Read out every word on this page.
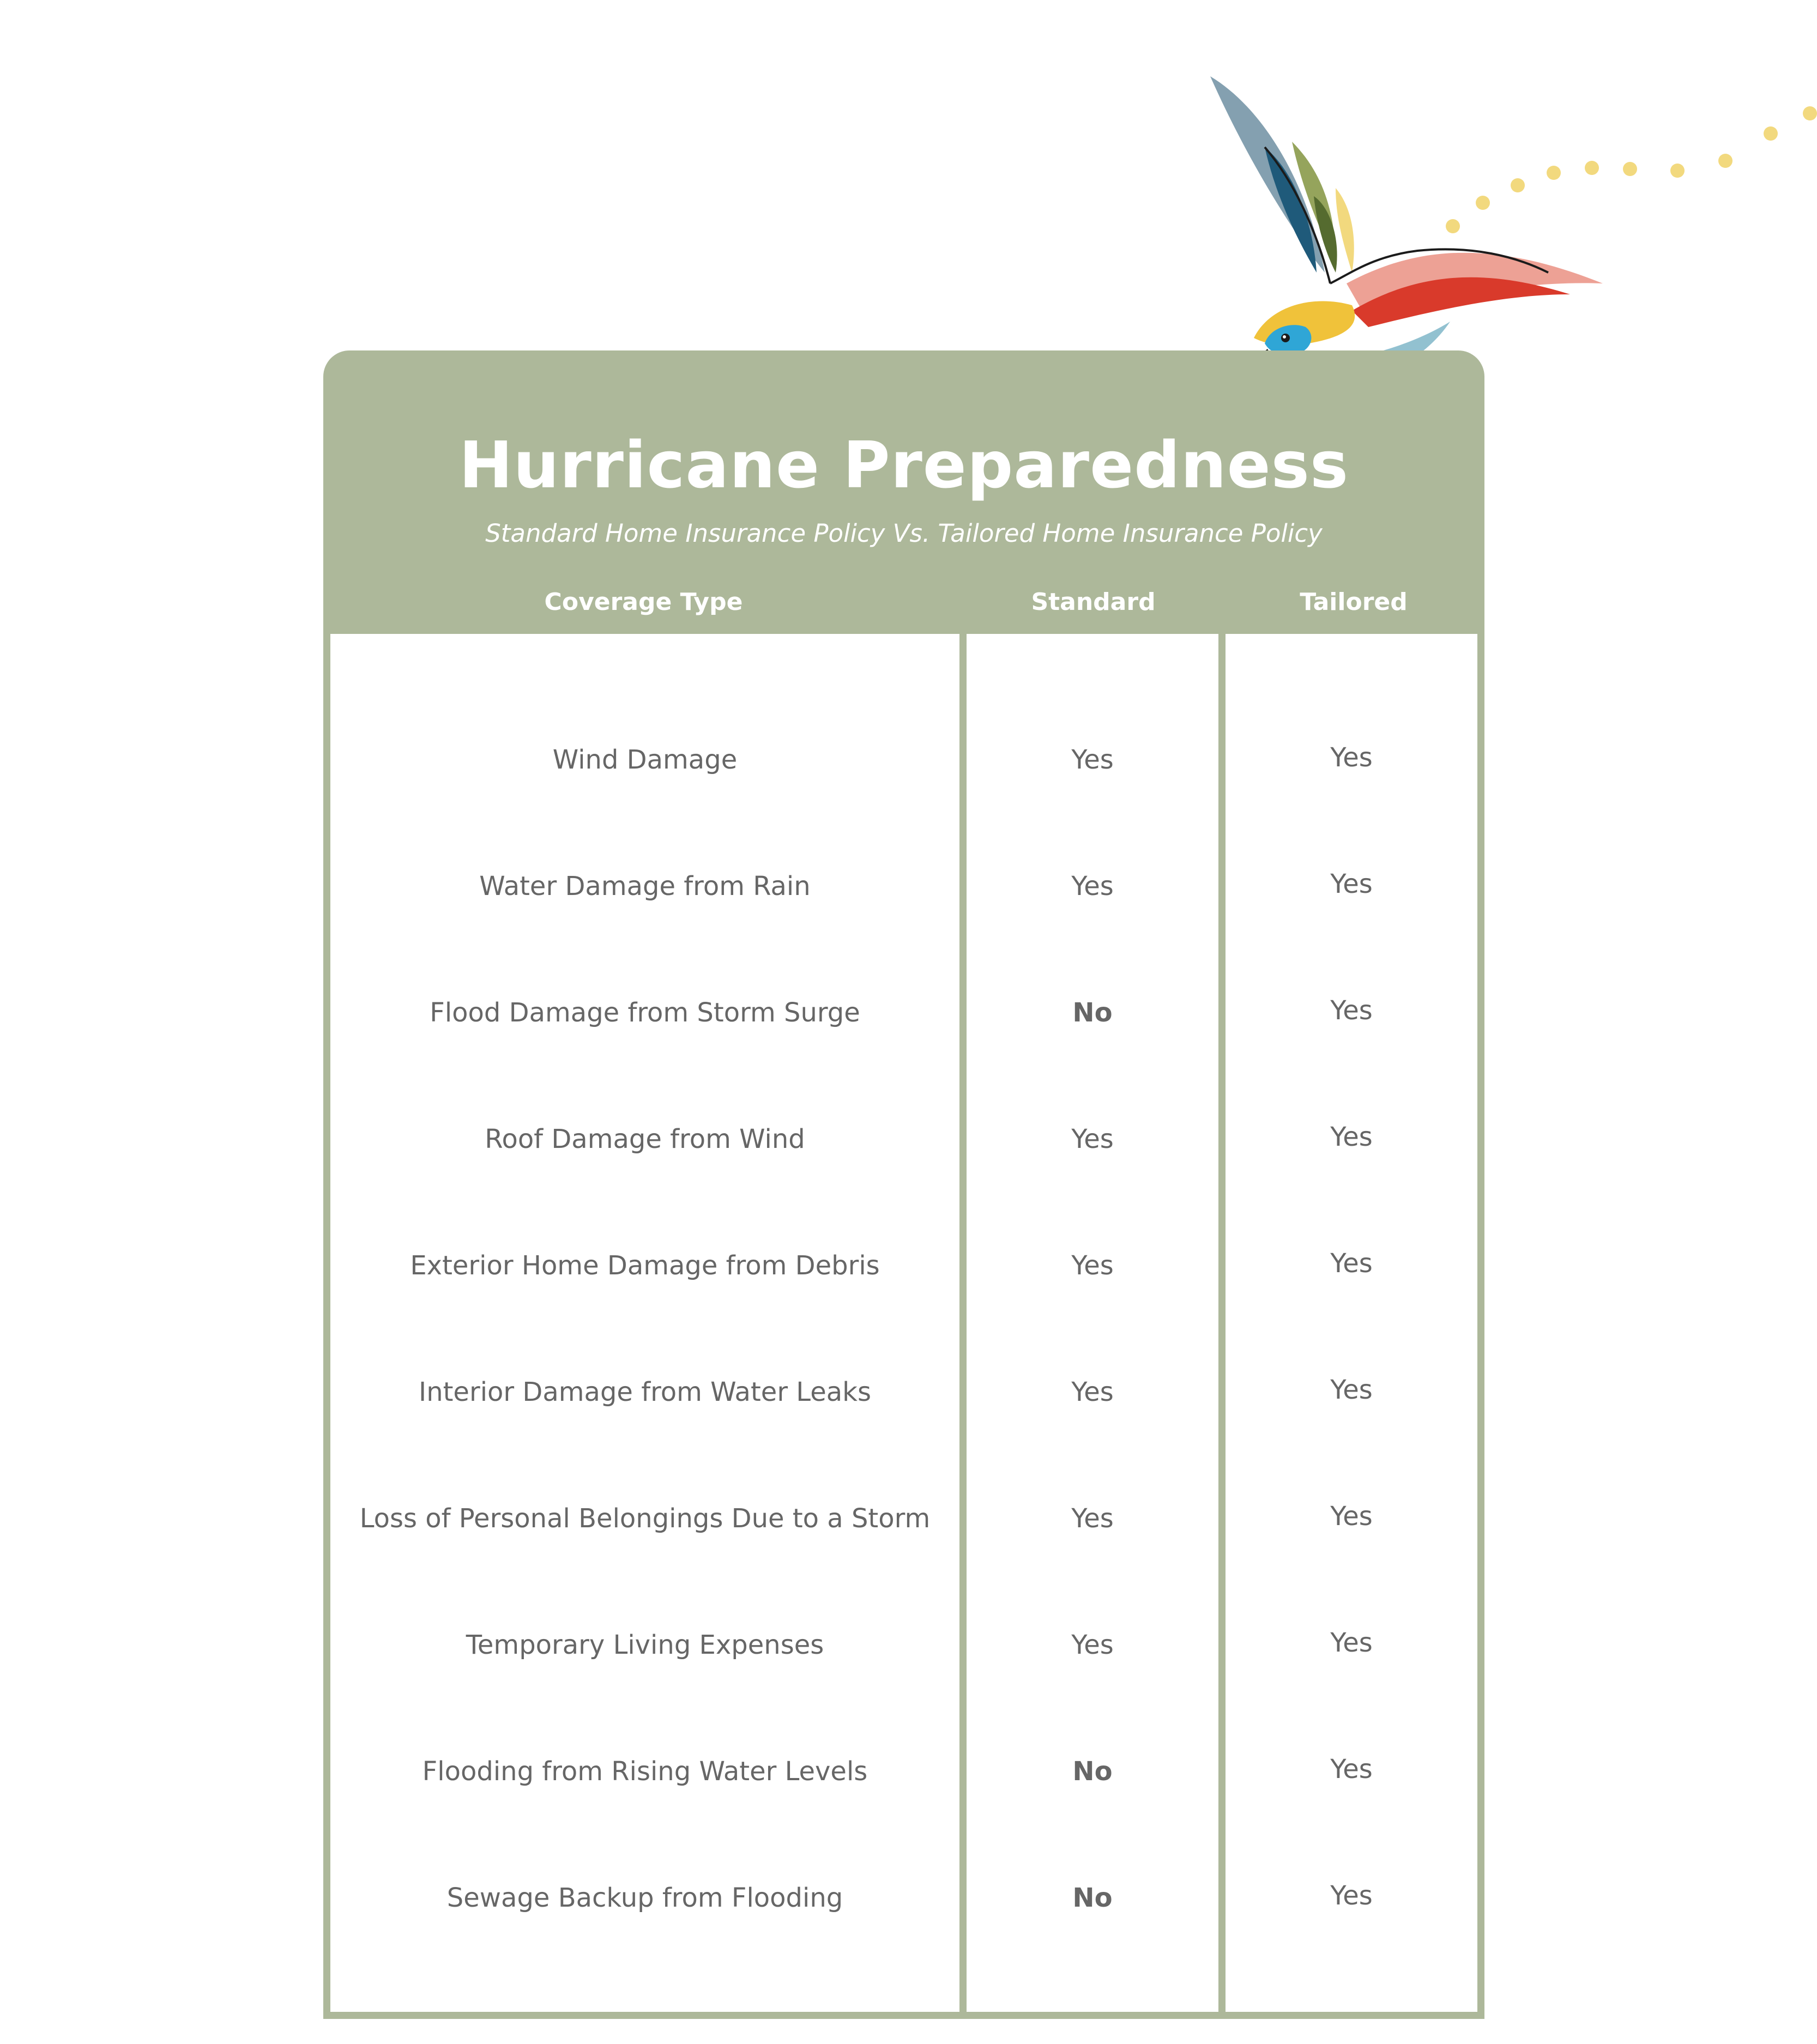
Hurricane Preparedness
Standard Home Insurance Policy Vs. Tailored Home Insurance Policy
Coverage Type	Standard	Tailored
Wind Damage	Yes	Yes
Water Damage from Rain	Yes	Yes
Flood Damage from Storm Surge	No	Yes
Roof Damage from Wind	Yes	Yes
Exterior Home Damage from Debris	Yes	Yes
Interior Damage from Water Leaks	Yes	Yes
Loss of Personal Belongings Due to a Storm	Yes	Yes
Temporary Living Expenses	Yes	Yes
Flooding from Rising Water Levels	No	Yes
Sewage Backup from Flooding	No	Yes
